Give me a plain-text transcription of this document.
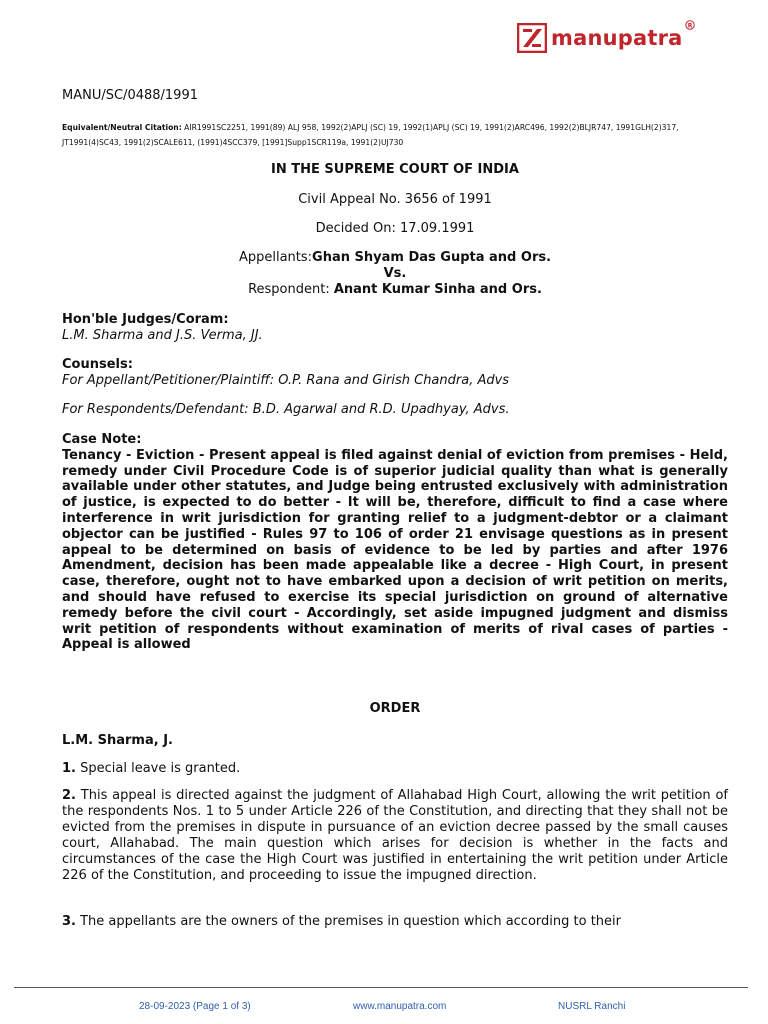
manupatra
R
MANU/SC/0488/1991
Equivalent/Neutral Citation: AIR1991SC2251, 1991(89) ALJ 958, 1992(2)APLJ (SC) 19, 1992(1)APLJ (SC) 19, 1991(2)ARC496, 1992(2)BLJR747, 1991GLH(2)317, JT1991(4)SC43, 1991(2)SCALE611, (1991)4SCC379, [1991]Supp1SCR119a, 1991(2)UJ730
IN THE SUPREME COURT OF INDIA
Civil Appeal No. 3656 of 1991
Decided On: 17.09.1991
Appellants:Ghan Shyam Das Gupta and Ors.
Vs.
Respondent: Anant Kumar Sinha and Ors.
Hon'ble Judges/Coram:
L.M. Sharma and J.S. Verma, JJ.
Counsels:
For Appellant/Petitioner/Plaintiff: O.P. Rana and Girish Chandra, Advs
For Respondents/Defendant: B.D. Agarwal and R.D. Upadhyay, Advs.
Case Note:
Tenancy - Eviction - Present appeal is filed against denial of eviction from premises - Held, remedy under Civil Procedure Code is of superior judicial quality than what is generally available under other statutes, and Judge being entrusted exclusively with administration of justice, is expected to do better - It will be, therefore, difficult to find a case where interference in writ jurisdiction for granting relief to a judgment-debtor or a claimant objector can be justified - Rules 97 to 106 of order 21 envisage questions as in present appeal to be determined on basis of evidence to be led by parties and after 1976 Amendment, decision has been made appealable like a decree - High Court, in present case, therefore, ought not to have embarked upon a decision of writ petition on merits, and should have refused to exercise its special jurisdiction on ground of alternative remedy before the civil court - Accordingly, set aside impugned judgment and dismiss writ petition of respondents without examination of merits of rival cases of parties - Appeal is allowed
ORDER
L.M. Sharma, J.
1. Special leave is granted.
2. This appeal is directed against the judgment of Allahabad High Court, allowing the writ petition of the respondents Nos. 1 to 5 under Article 226 of the Constitution, and directing that they shall not be evicted from the premises in dispute in pursuance of an eviction decree passed by the small causes court, Allahabad. The main question which arises for decision is whether in the facts and circumstances of the case the High Court was justified in entertaining the writ petition under Article 226 of the Constitution, and proceeding to issue the impugned direction.
3. The appellants are the owners of the premises in question which according to their
28-09-2023 (Page 1 of 3)	www.manupatra.com	NUSRL Ranchi
